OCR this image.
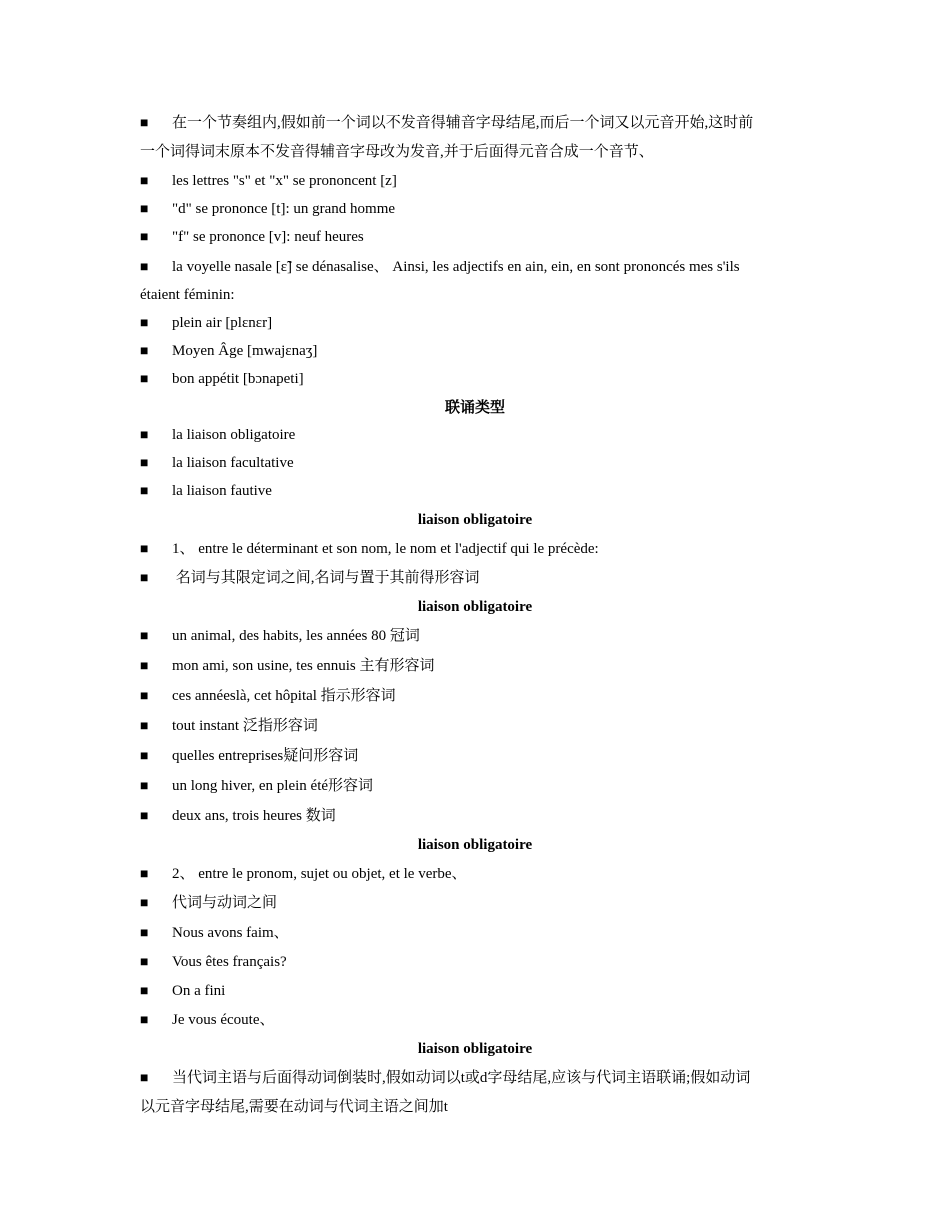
■ 在一个节奏组内,假如前一个词以不发音得辅音字母结尾,而后一个词又以元音开始,这时前
一个词得词末原本不发音得辅音字母改为发音,并于后面得元音合成一个音节、
■ les lettres "s" et "x" se prononcent [z]
■ "d" se prononce [t]: un grand homme
■ "f" se prononce [v]: neuf heures
■ la voyelle nasale [ɛ̃] se dénasalise、 Ainsi, les adjectifs en ain, ein, en sont prononcés mes s'ils
étaient féminin:
■ plein air [plɛnɛr]
■ Moyen Âge [mwajɛnaʒ]
■ bon appétit [bɔnapeti]
联诵类型
■ la liaison obligatoire
■ la liaison facultative
■ la liaison fautive
liaison obligatoire
■ 1、 entre le déterminant et son nom, le nom et l'adjectif qui le précède:
■ 名词与其限定词之间,名词与置于其前得形容词
liaison obligatoire
■ un animal, des habits, les années 80 冠词
■ mon ami, son usine, tes ennuis 主有形容词
■ ces annéeslà, cet hôpital 指示形容词
■ tout instant 泛指形容词
■ quelles entreprises疑问形容词
■ un long hiver, en plein été形容词
■ deux ans, trois heures 数词
liaison obligatoire
■ 2、 entre le pronom, sujet ou objet, et le verbe、
■ 代词与动词之间
■ Nous avons faim、
■ Vous êtes français?
■ On a fini
■ Je vous écoute、
liaison obligatoire
■ 当代词主语与后面得动词倒装时,假如动词以t或d字母结尾,应该与代词主语联诵;假如动词
以元音字母结尾,需要在动词与代词主语之间加t
